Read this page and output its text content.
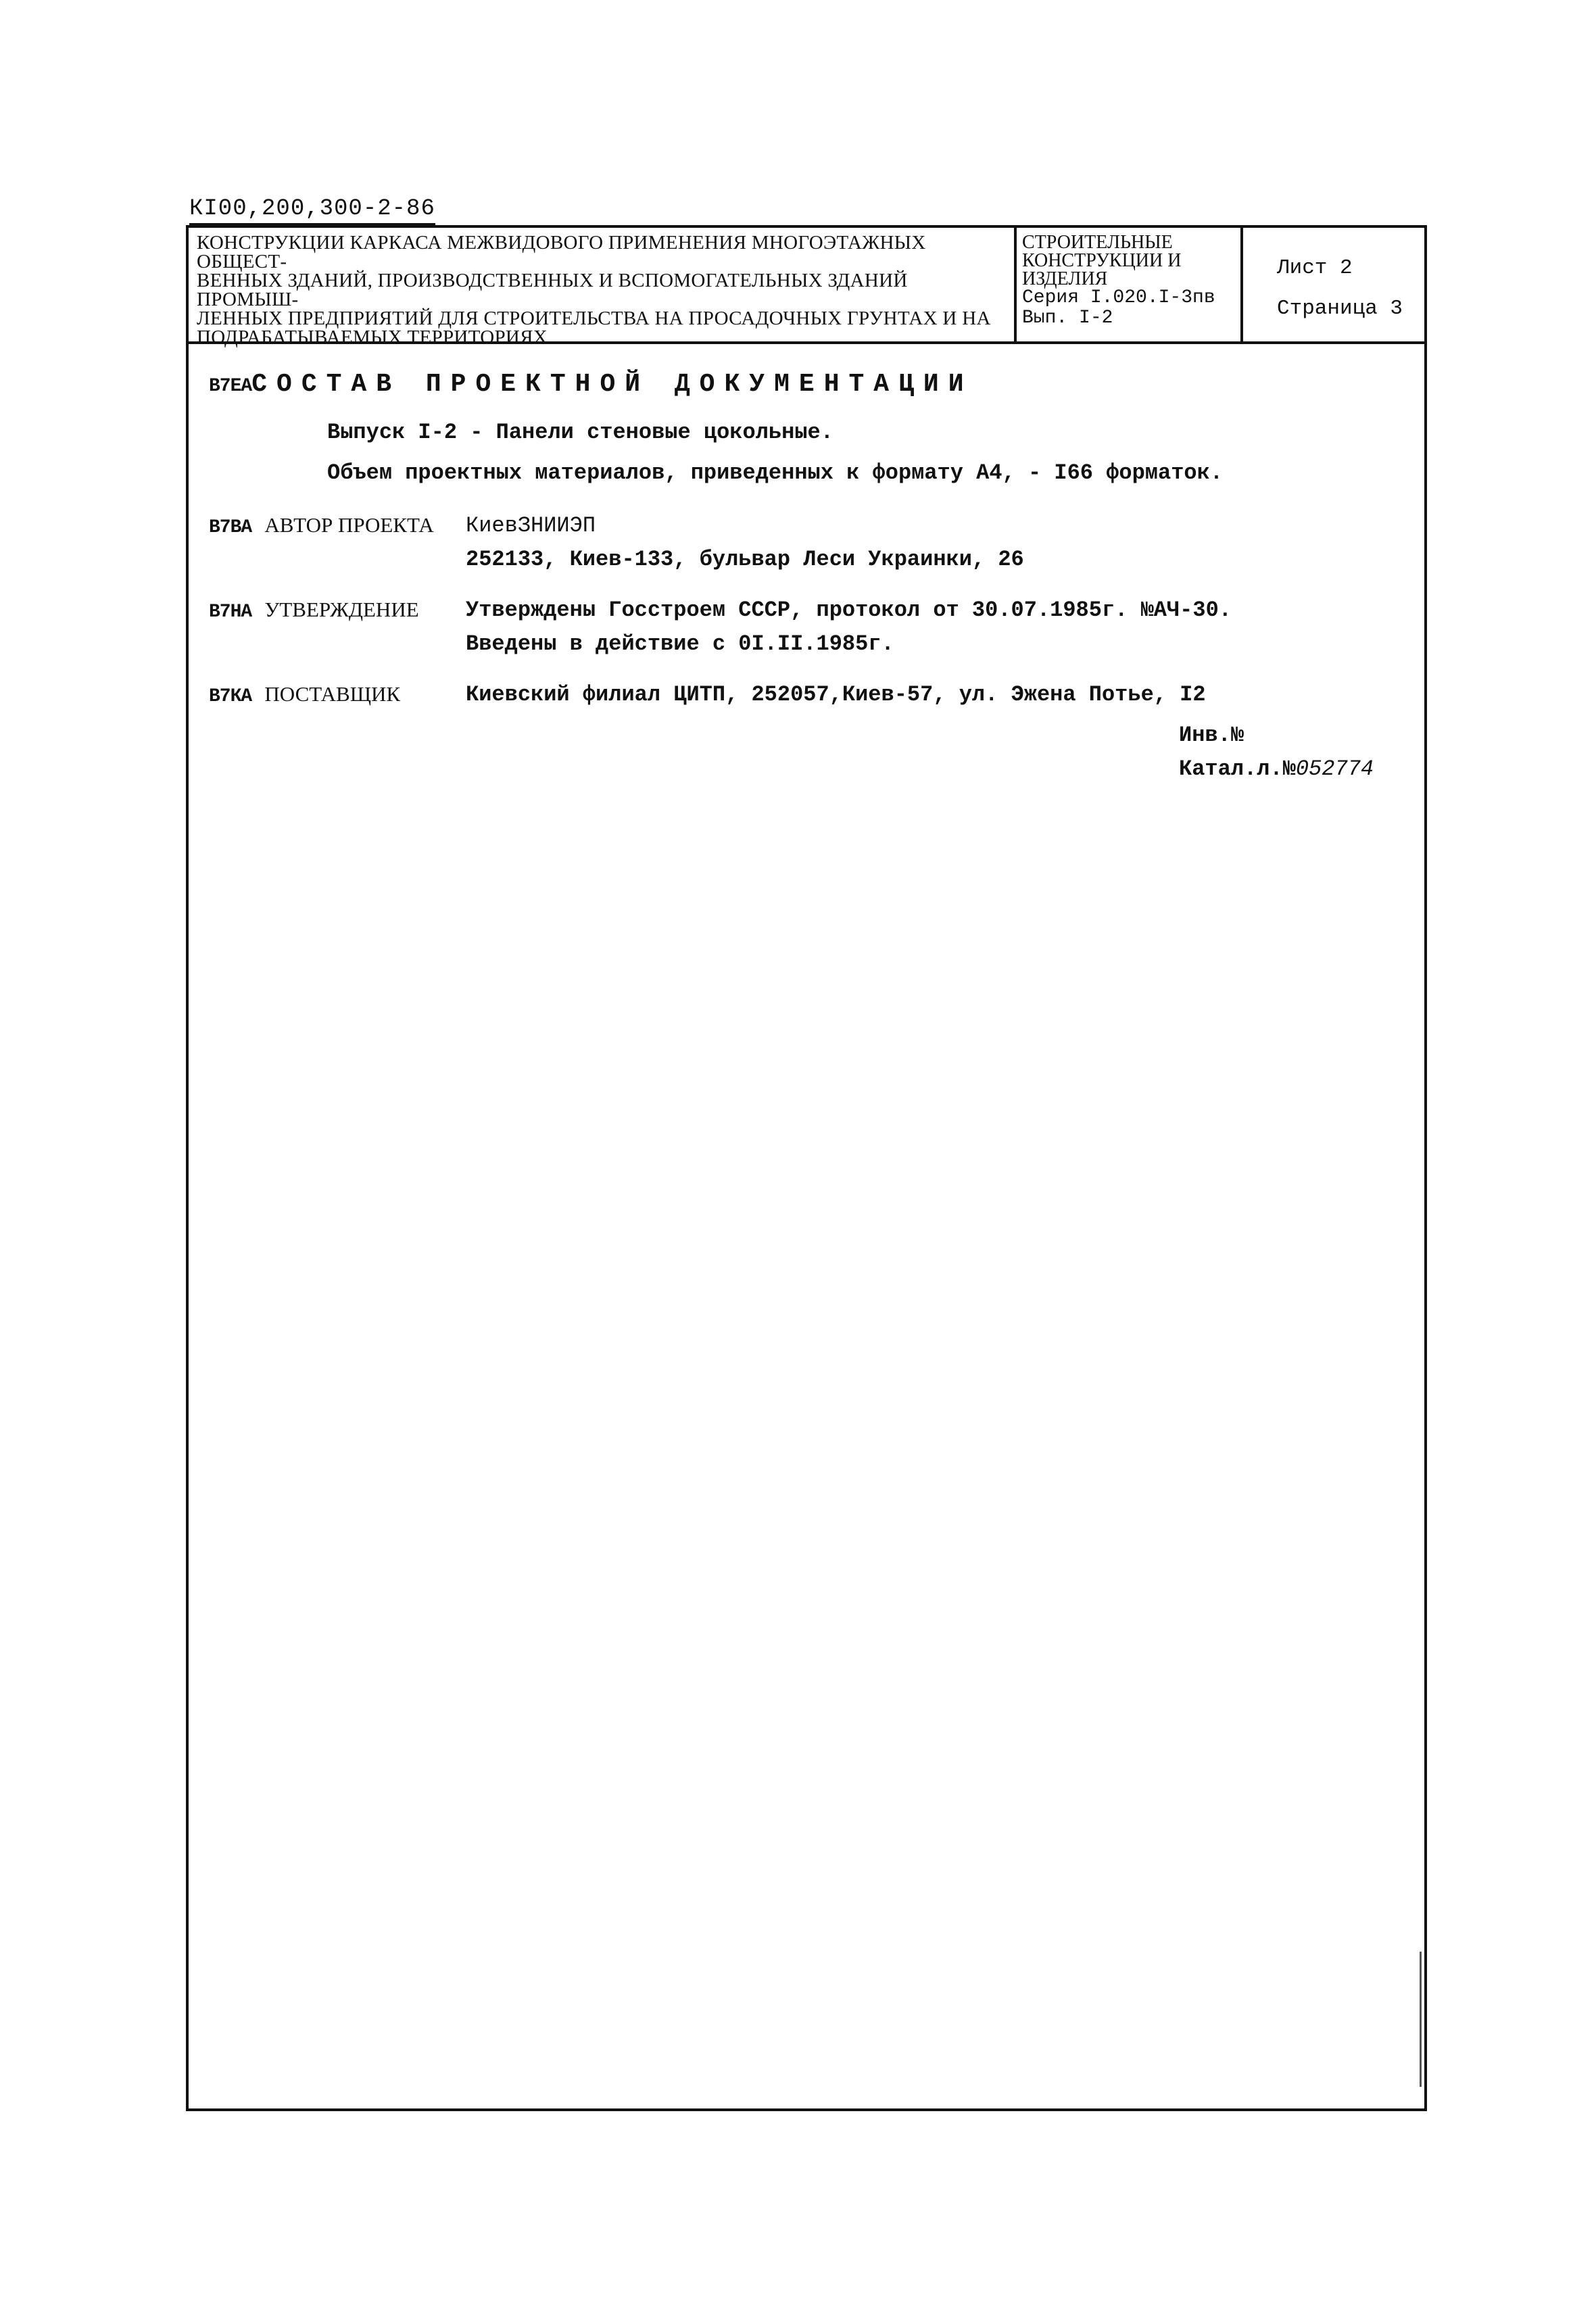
КI00,200,300-2-86
КОНСТРУКЦИИ КАРКАСА МЕЖВИДОВОГО ПРИМЕНЕНИЯ МНОГОЭТАЖНЫХ ОБЩЕСТ-
ВЕННЫХ ЗДАНИЙ, ПРОИЗВОДСТВЕННЫХ И ВСПОМОГАТЕЛЬНЫХ ЗДАНИЙ ПРОМЫШ-
ЛЕННЫХ ПРЕДПРИЯТИЙ ДЛЯ СТРОИТЕЛЬСТВА НА ПРОСАДОЧНЫХ ГРУНТАХ И НА
ПОДРАБАТЫВАЕМЫХ ТЕРРИТОРИЯХ
СТРОИТЕЛЬНЫЕ
КОНСТРУКЦИИ И
ИЗДЕЛИЯ
Серия I.020.I-3пв
Вып. I-2
Лист 2
Страница 3
В7ЕАСОСТАВ ПРОЕКТНОЙ ДОКУМЕНТАЦИИ
Выпуск I-2 - Панели стеновые цокольные.
Объем проектных материалов, приведенных к формату А4, - I66 форматок.
В7ВА АВТОР ПРОЕКТА КиевЗНИИЭП
252133, Киев-133, бульвар Леси Украинки, 26
В7НА УТВЕРЖДЕНИЕ Утверждены Госстроем СССР, протокол от 30.07.1985г. №АЧ-30.
Введены в действие с 0I.II.1985г.
В7КА ПОСТАВЩИК	Киевский филиал ЦИТП, 252057,Киев-57, ул. Эжена Потье, I2
Инв.№
Катал.л.№052774
